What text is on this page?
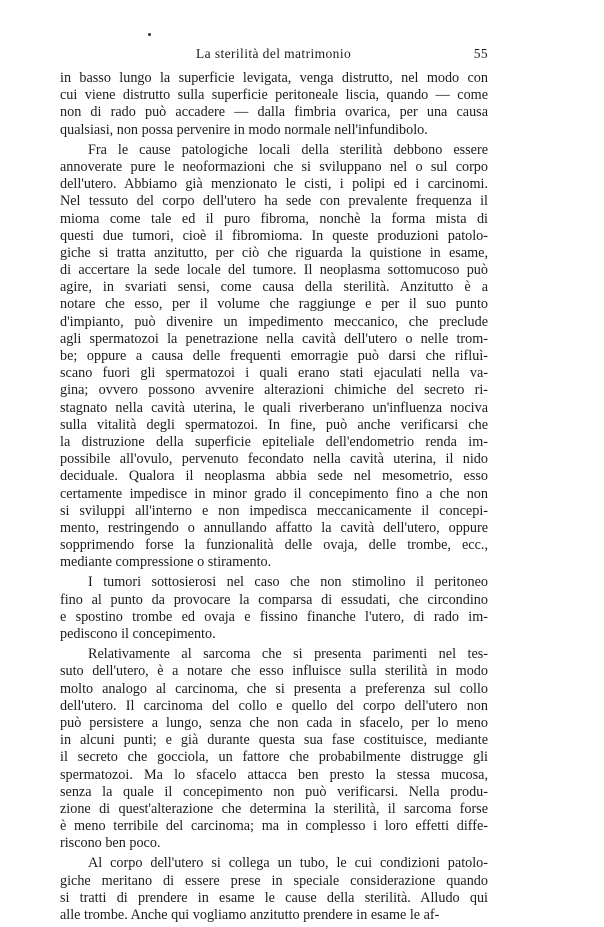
La sterilità del matrimonio	55
in basso lungo la superficie levigata, venga distrutto, nel modo con
cui viene distrutto sulla superficie peritoneale liscia, quando — come
non di rado può accadere — dalla fimbria ovarica, per una causa
qualsiasi, non possa pervenire in modo normale nell'infundibolo.
Fra le cause patologiche locali della sterilità debbono essere
annoverate pure le neoformazioni che si sviluppano nel o sul corpo
dell'utero. Abbiamo già menzionato le cisti, i polipi ed i carcinomi.
Nel tessuto del corpo dell'utero ha sede con prevalente frequenza il
mioma come tale ed il puro fibroma, nonchè la forma mista di
questi due tumori, cioè il fibromioma. In queste produzioni patolo-
giche si tratta anzitutto, per ciò che riguarda la quistione in esame,
di accertare la sede locale del tumore. Il neoplasma sottomucoso può
agire, in svariati sensi, come causa della sterilità. Anzitutto è a
notare che esso, per il volume che raggiunge e per il suo punto
d'impianto, può divenire un impedimento meccanico, che preclude
agli spermatozoi la penetrazione nella cavità dell'utero o nelle trom-
be; oppure a causa delle frequenti emorragie può darsi che rifluì-
scano fuori gli spermatozoi i quali erano stati ejaculati nella va-
gina; ovvero possono avvenire alterazioni chimiche del secreto ri-
stagnato nella cavità uterina, le quali riverberano un'influenza nociva
sulla vitalità degli spermatozoi. In fine, può anche verificarsi che
la distruzione della superficie epiteliale dell'endometrio renda im-
possibile all'ovulo, pervenuto fecondato nella cavità uterina, il nido
deciduale. Qualora il neoplasma abbia sede nel mesometrio, esso
certamente impedisce in minor grado il concepimento fino a che non
si sviluppi all'interno e non impedisca meccanicamente il concepi-
mento, restringendo o annullando affatto la cavità dell'utero, oppure
sopprimendo forse la funzionalità delle ovaja, delle trombe, ecc.,
mediante compressione o stiramento.
I tumori sottosierosi nel caso che non stimolino il peritoneo
fino al punto da provocare la comparsa di essudati, che circondino
e spostino trombe ed ovaja e fissino finanche l'utero, di rado im-
pediscono il concepimento.
Relativamente al sarcoma che si presenta parimenti nel tes-
suto dell'utero, è a notare che esso influisce sulla sterilità in modo
molto analogo al carcinoma, che si presenta a preferenza sul collo
dell'utero. Il carcinoma del collo e quello del corpo dell'utero non
può persistere a lungo, senza che non cada in sfacelo, per lo meno
in alcuni punti; e già durante questa sua fase costituisce, mediante
il secreto che gocciola, un fattore che probabilmente distrugge gli
spermatozoi. Ma lo sfacelo attacca ben presto la stessa mucosa,
senza la quale il concepimento non può verificarsi. Nella produ-
zione di quest'alterazione che determina la sterilità, il sarcoma forse
è meno terribile del carcinoma; ma in complesso i loro effetti diffe-
riscono ben poco.
Al corpo dell'utero si collega un tubo, le cui condizioni patolo-
giche meritano di essere prese in speciale considerazione quando
si tratti di prendere in esame le cause della sterilità. Alludo qui
alle trombe. Anche qui vogliamo anzitutto prendere in esame le af-
